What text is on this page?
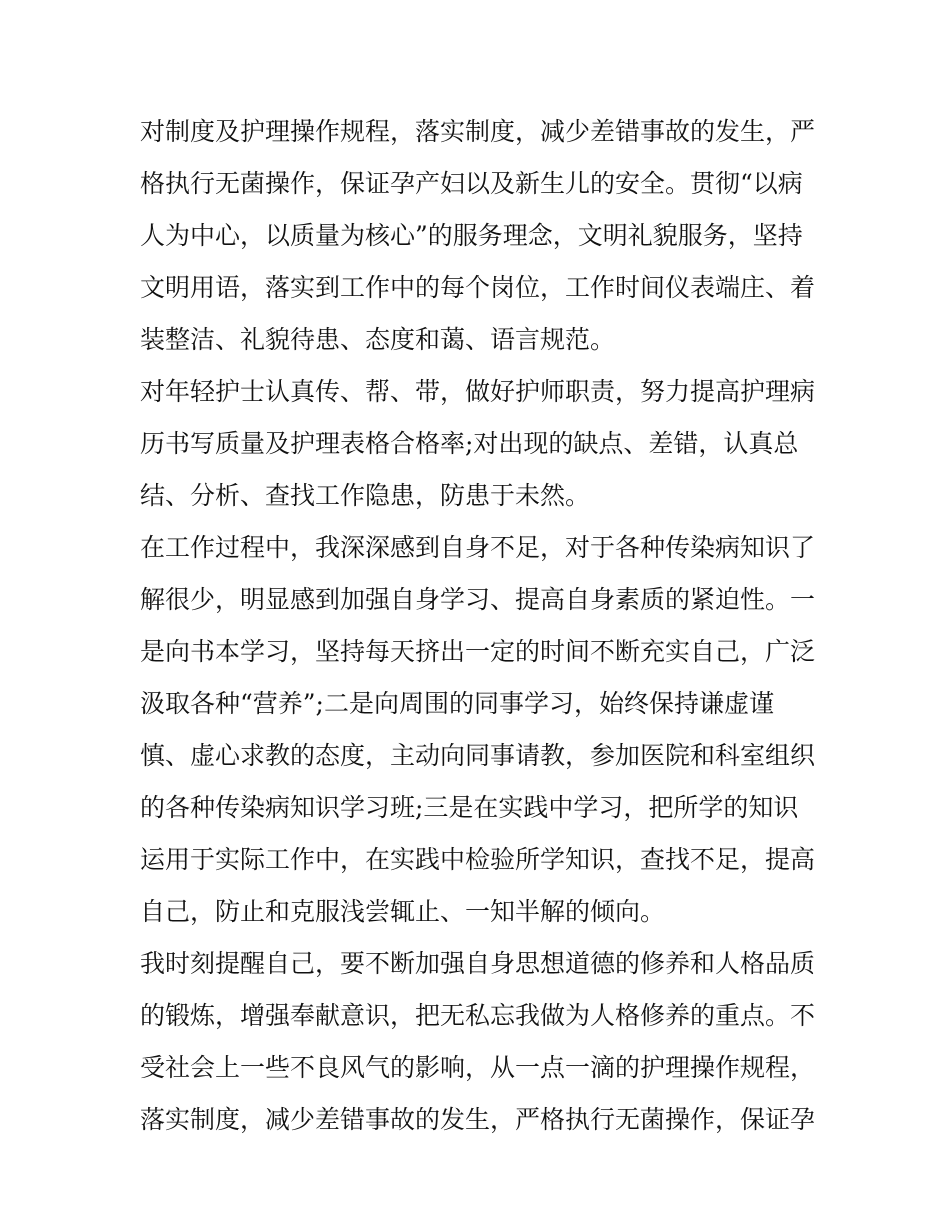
对制度及护理操作规程，落实制度，减少差错事故的发生，严
格执行无菌操作，保证孕产妇以及新生儿的安全。贯彻“以病
人为中心，以质量为核心”的服务理念，文明礼貌服务，坚持
文明用语，落实到工作中的每个岗位，工作时间仪表端庄、着
装整洁、礼貌待患、态度和蔼、语言规范。
对年轻护士认真传、帮、带，做好护师职责，努力提高护理病
历书写质量及护理表格合格率;对出现的缺点、差错，认真总
结、分析、查找工作隐患，防患于未然。
在工作过程中，我深深感到自身不足，对于各种传染病知识了
解很少，明显感到加强自身学习、提高自身素质的紧迫性。一
是向书本学习，坚持每天挤出一定的时间不断充实自己，广泛
汲取各种“营养”;二是向周围的同事学习，始终保持谦虚谨
慎、虚心求教的态度，主动向同事请教，参加医院和科室组织
的各种传染病知识学习班;三是在实践中学习，把所学的知识
运用于实际工作中，在实践中检验所学知识，查找不足，提高
自己，防止和克服浅尝辄止、一知半解的倾向。
我时刻提醒自己，要不断加强自身思想道德的修养和人格品质
的锻炼，增强奉献意识，把无私忘我做为人格修养的重点。不
受社会上一些不良风气的影响，从一点一滴的护理操作规程，
落实制度，减少差错事故的发生，严格执行无菌操作，保证孕
